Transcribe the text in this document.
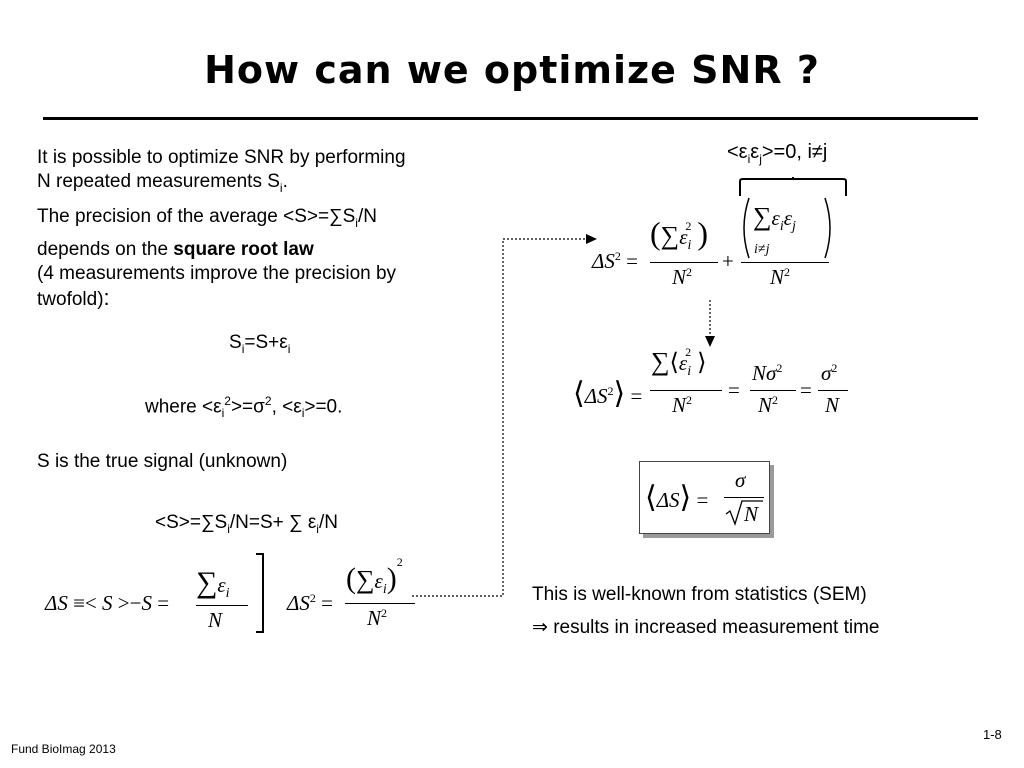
How can we optimize SNR ?
It is possible to optimize SNR by performing
N repeated measurements $S_i$.
The precision of the average $<S>=\sum S_i/N$
depends on the square root law
(4 measurements improve the precision by
twofold):
$S_i=S+\varepsilon_i$
where $<\varepsilon_i^2>=\sigma^2$, $<\varepsilon_i>=0$.
S is the true signal (unknown)
$<S>=\sum S_i/N=S+$ ∑ $\varepsilon_i/N$
ΔS ≡< S >−S =
$\sum\varepsilon_i$
N
$\Delta S^2$ =
$(\sum\varepsilon_i)^2$
$N^2$
$<\varepsilon_i\varepsilon_j>=0$, i≠j
$\Delta S^2$ =
($\sum\varepsilon_i^2$ )
$N^2$ +
$\sum\varepsilon_i\varepsilon_j$
i≠j
$N^2$
$⟨\Delta S^2⟩$ =
$\sum⟨\varepsilon_i^2$ ⟩
$N^2$ =
$N\sigma^2$
$N^2$ =
$\sigma^2$
N
⟨ΔS⟩ =
σ
N
This is well-known from statistics (SEM)
⇒ results in increased measurement time
Fund BioImag 2013
1-8
